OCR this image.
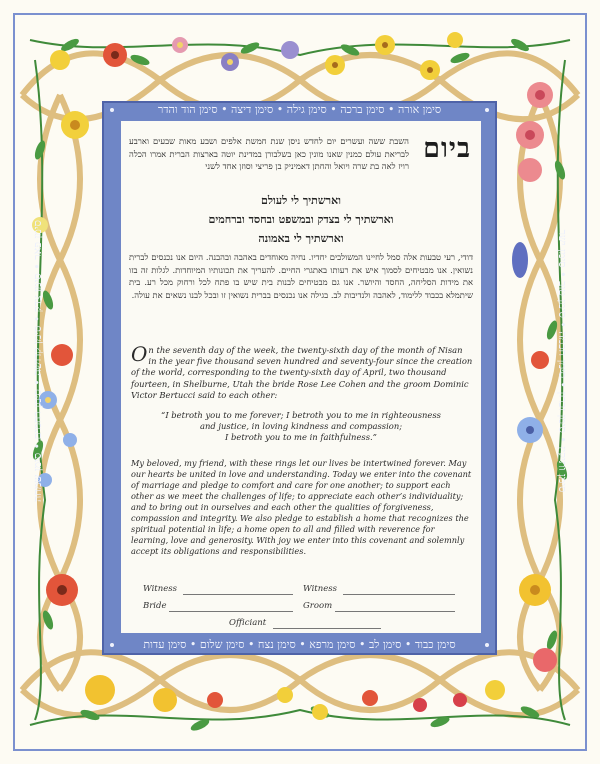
סימן אורה • סימן ברכה • סימן גילה • סימן דיצה • סימן הוד והדר
סימן ותיקין • סימן זכרון • סימן חכמה • סימן טוב • סימן ישר
סימן כבוד • סימן לב • סימן מרפא • סימן נצח • סימן שלום • סימן עדות
סימן פאר • סימן צדק • סימן קדושה • סימן רחמים • סימן שמחה
ביום
השבת ששה ועשרים יום לחדש ניסן שנת חמשת אלפים ושבע מאות שבעים וארבע לבריאת עולם כמנין שאנו מונין כאן בשלבורן במדינת יוטה בארצות הברית אמרו הכלה רויז לאה בת שרה ויואל והחתן דאמיניק בן פריצי וסוזן אחד לשני
וארשתיך לי לעולם
וארשתיך לי בצדק ובמשפט ובחסד וברחמים
וארשתיך לי באמונה
דודי, רעי טבעות אלה סמל לחיינו המשולבים יחדיו. נחיה מאוחדים באהבה ובהבנה. היום אנו נכנסים לברית נשואין. אנו מבטיחים לסמוך איש את רעותו באתגרי החיים. להעריך את תכונותיו המיוחדות. לגלות זה בזו את מידות הסליחה, החסד והיושר. אנו גם מבטיחים לבנות בית שיש בו פתח לכל ורחוק מכל רע. בית שיתמלא בכבוד ללימוד, לאהבה ולנדיבות לב. בגילה אנו נכנסים בברית נשואין זו ובכל לבנו נשאים את עולה.
On the seventh day of the week, the twenty-sixth day of the month of Nisan in the year five thousand seven hundred and seventy-four since the creation of the world, corresponding to the twenty-sixth day of April, two thousand fourteen, in Shelburne, Utah the bride Rose Lee Cohen and the groom Dominic Victor Bertucci said to each other:
“I betroth you to me forever; I betroth you to me in righteousness
and justice, in loving kindness and compassion;
I betroth you to me in faithfulness.”
My beloved, my friend, with these rings let our lives be intertwined forever. May our hearts be united in love and understanding. Today we enter into the covenant of marriage and pledge to comfort and care for one another; to support each other as we meet the challenges of life; to appreciate each other’s individuality; and to bring out in ourselves and each other the qualities of forgiveness, compassion and integrity. We also pledge to establish a home that recognizes the spiritual potential in life; a home open to all and filled with reverence for learning, love and generosity. With joy we enter into this covenant and solemnly accept its obligations and responsibilities.
Witness	Witness
Bride	Groom
Officiant
